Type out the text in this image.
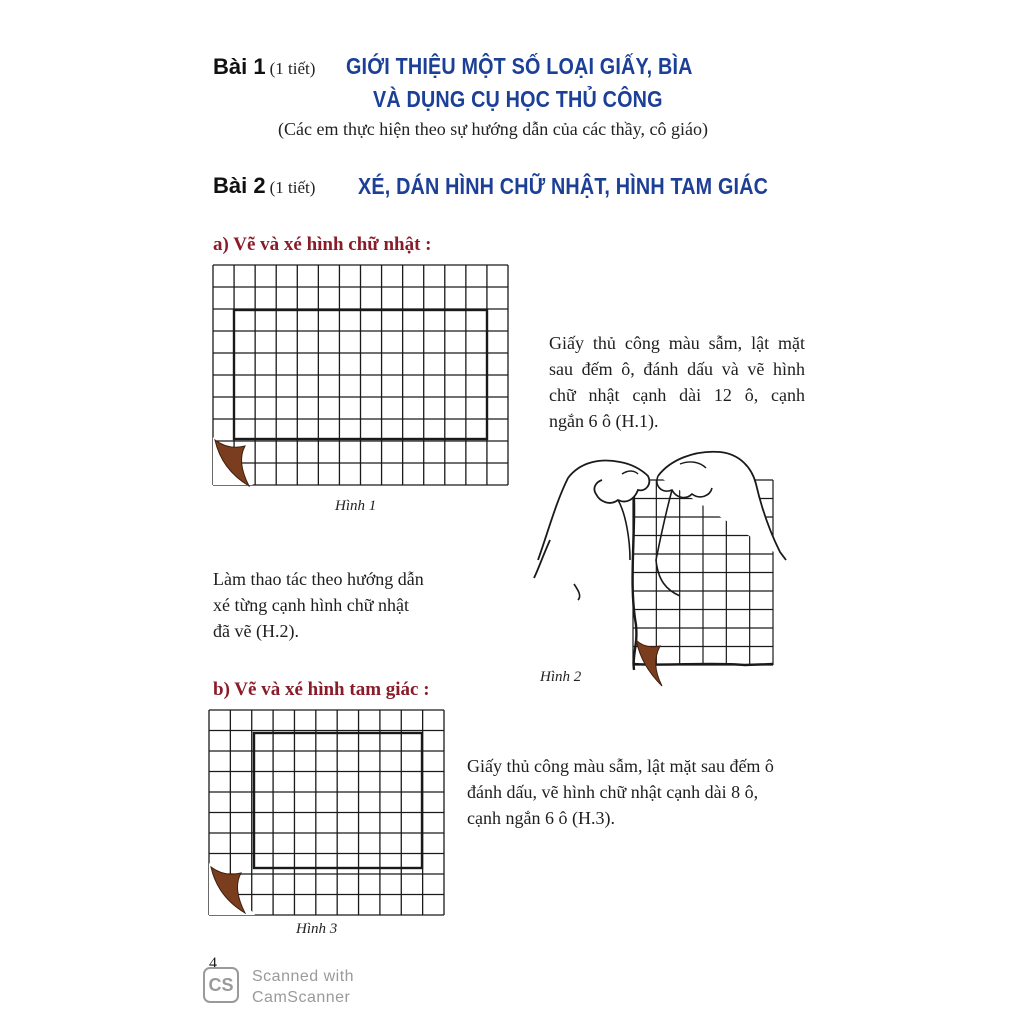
Bài 1 (1 tiết) GIỚI THIỆU MỘT SỐ LOẠI GIẤY, BÌA
VÀ DỤNG CỤ HỌC THỦ CÔNG
(Các em thực hiện theo sự hướng dẫn của các thầy, cô giáo)
Bài 2 (1 tiết) XÉ, DÁN HÌNH CHỮ NHẬT, HÌNH TAM GIÁC
a) Vẽ và xé hình chữ nhật :
Hình 1
Giấy thủ công màu sẫm, lật mặt
sau đếm ô, đánh dấu và vẽ hình
chữ nhật cạnh dài 12 ô, cạnh
ngắn 6 ô (H.1).
Hình 2
Làm thao tác theo hướng dẫn
xé từng cạnh hình chữ nhật
đã vẽ (H.2).
b) Vẽ và xé hình tam giác :
Hình 3
Giấy thủ công màu sẫm, lật mặt sau đếm ô
đánh dấu, vẽ hình chữ nhật cạnh dài 8 ô,
cạnh ngắn 6 ô (H.3).
4
CS	Scanned with
CamScanner
